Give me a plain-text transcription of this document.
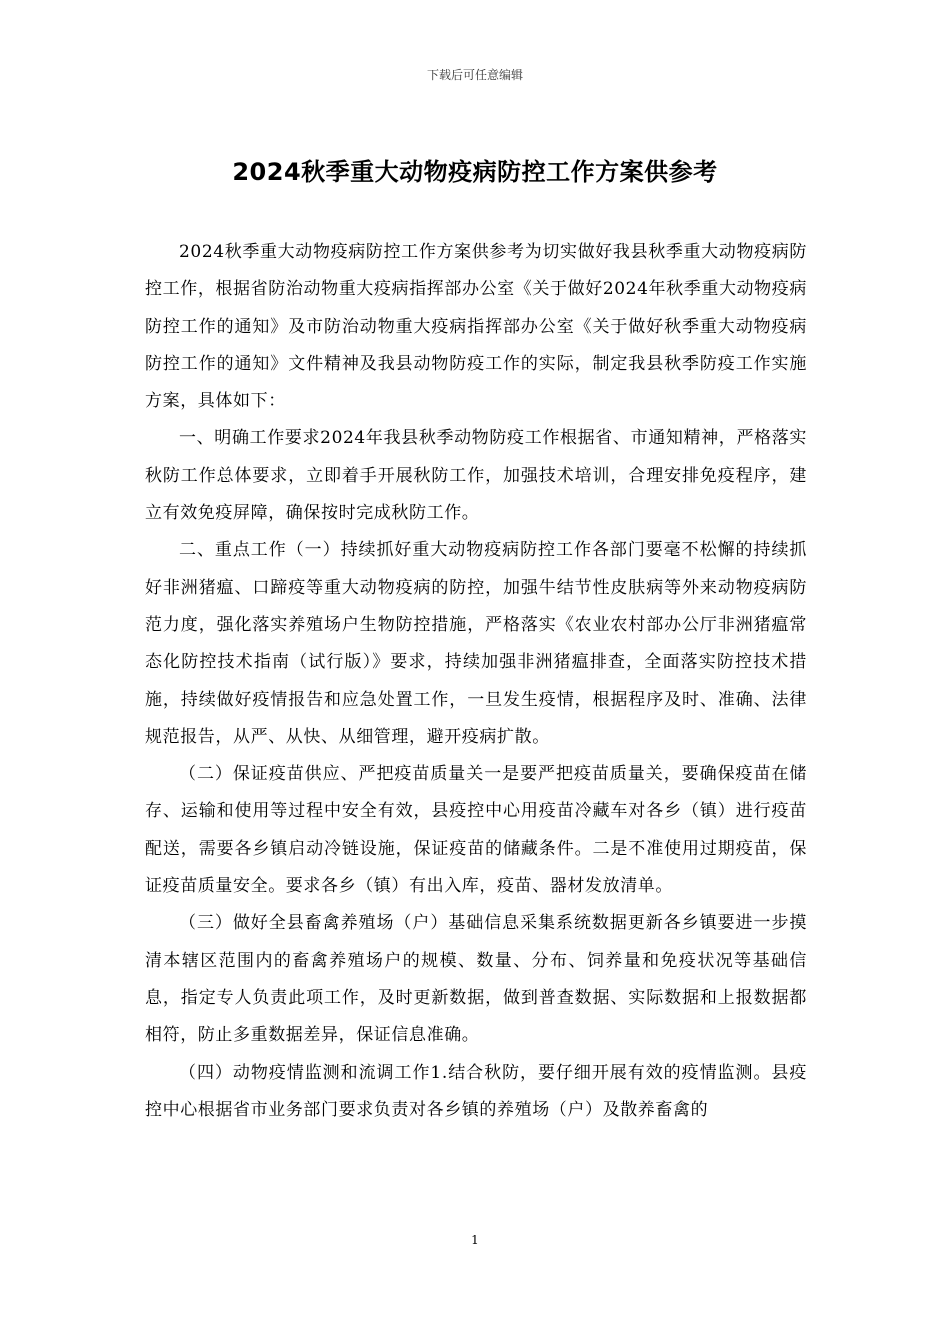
下载后可任意编辑
2024秋季重大动物疫病防控工作方案供参考

2024秋季重大动物疫病防控工作方案供参考为切实做好我县秋季重大动物疫病防控工作，根据省防治动物重大疫病指挥部办公室《关于做好2024年秋季重大动物疫病防控工作的通知》及市防治动物重大疫病指挥部办公室《关于做好秋季重大动物疫病防控工作的通知》文件精神及我县动物防疫工作的实际，制定我县秋季防疫工作实施方案，具体如下：

一、明确工作要求2024年我县秋季动物防疫工作根据省、市通知精神，严格落实秋防工作总体要求，立即着手开展秋防工作，加强技术培训，合理安排免疫程序，建立有效免疫屏障，确保按时完成秋防工作。

二、重点工作（一）持续抓好重大动物疫病防控工作各部门要毫不松懈的持续抓好非洲猪瘟、口蹄疫等重大动物疫病的防控，加强牛结节性皮肤病等外来动物疫病防范力度，强化落实养殖场户生物防控措施，严格落实《农业农村部办公厅非洲猪瘟常态化防控技术指南（试行版）》要求，持续加强非洲猪瘟排查，全面落实防控技术措施，持续做好疫情报告和应急处置工作，一旦发生疫情，根据程序及时、准确、法律规范报告，从严、从快、从细管理，避开疫病扩散。

（二）保证疫苗供应、严把疫苗质量关一是要严把疫苗质量关，要确保疫苗在储存、运输和使用等过程中安全有效，县疫控中心用疫苗冷藏车对各乡（镇）进行疫苗配送，需要各乡镇启动冷链设施，保证疫苗的储藏条件。二是不准使用过期疫苗，保证疫苗质量安全。要求各乡（镇）有出入库，疫苗、器材发放清单。

（三）做好全县畜禽养殖场（户）基础信息采集系统数据更新各乡镇要进一步摸清本辖区范围内的畜禽养殖场户的规模、数量、分布、饲养量和免疫状况等基础信息，指定专人负责此项工作，及时更新数据，做到普查数据、实际数据和上报数据都相符，防止多重数据差异，保证信息准确。

（四）动物疫情监测和流调工作1.结合秋防，要仔细开展有效的疫情监测。县疫控中心根据省市业务部门要求负责对各乡镇的养殖场（户）及散养畜禽的

1
